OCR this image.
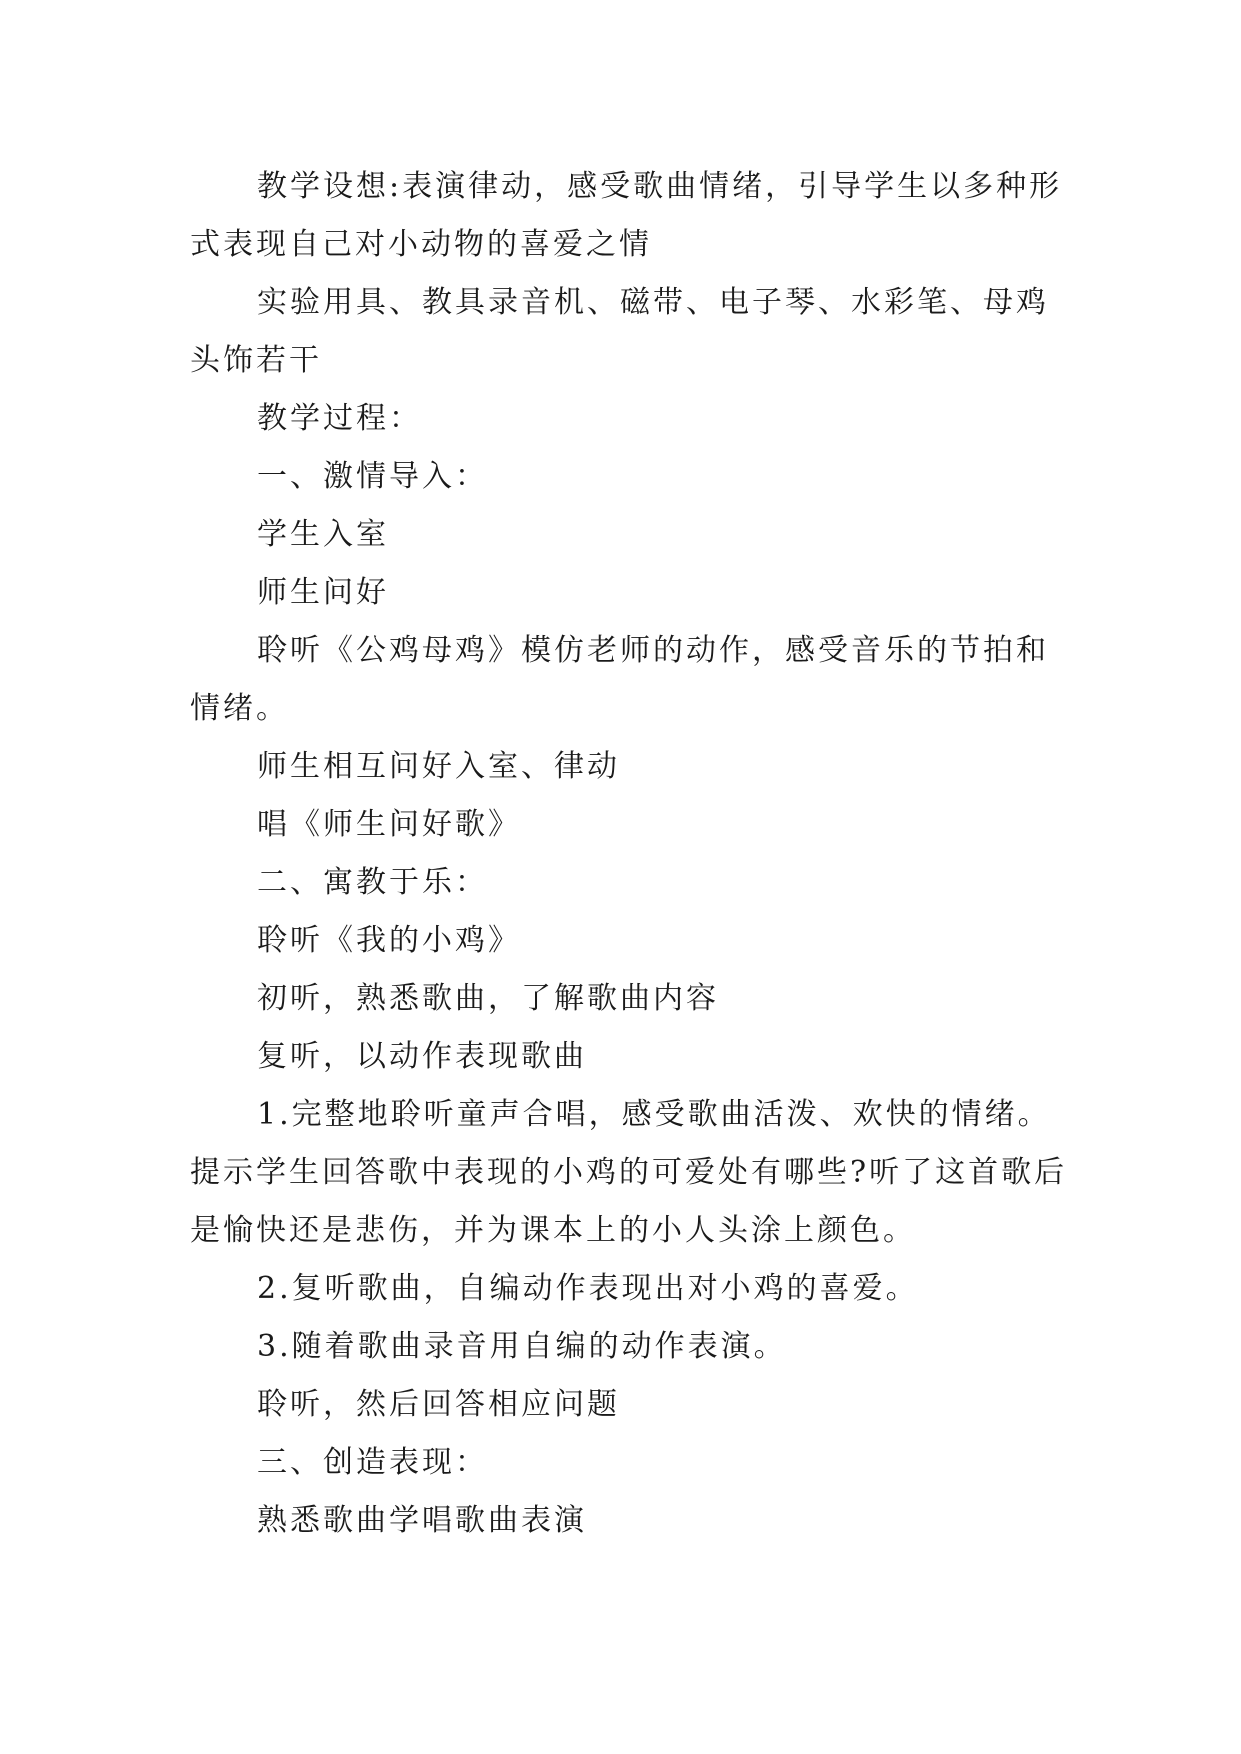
教学设想:表演律动，感受歌曲情绪，引导学生以多种形式表现自己对小动物的喜爱之情

实验用具、教具录音机、磁带、电子琴、水彩笔、母鸡头饰若干

教学过程：

一、激情导入：

学生入室

师生问好

聆听《公鸡母鸡》模仿老师的动作，感受音乐的节拍和情绪。

师生相互问好入室、律动

唱《师生问好歌》

二、寓教于乐：

聆听《我的小鸡》

初听，熟悉歌曲，了解歌曲内容

复听，以动作表现歌曲

1.完整地聆听童声合唱，感受歌曲活泼、欢快的情绪。提示学生回答歌中表现的小鸡的可爱处有哪些?听了这首歌后是愉快还是悲伤，并为课本上的小人头涂上颜色。

2.复听歌曲，自编动作表现出对小鸡的喜爱。

3.随着歌曲录音用自编的动作表演。

聆听，然后回答相应问题

三、创造表现：

熟悉歌曲学唱歌曲表演
